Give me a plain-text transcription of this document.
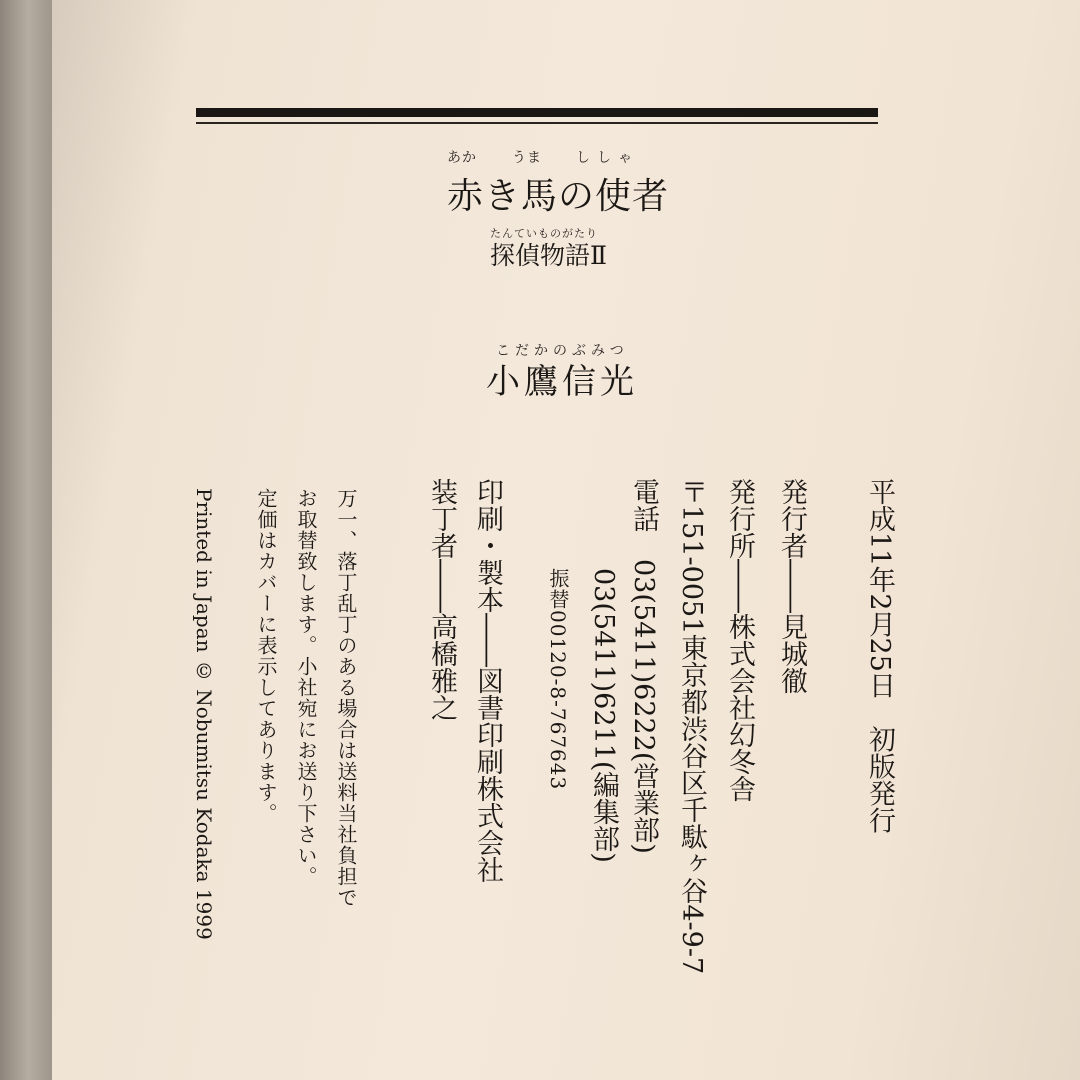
あか	うま ししゃ
赤き馬の使者
たんていものがたり
探偵物語Ⅱ
こだかのぶみつ
小鷹信光
平成11年2月25日　初版発行
発行者――見城徹
発行所――株式会社幻冬舎
〒151-0051東京都渋谷区千駄ヶ谷4-9-7
電話　03(5411)6222(営業部)
03(5411)6211(編集部)
振替00120-8-767643
印刷・製本――図書印刷株式会社
装丁者――高橋雅之
万一、落丁乱丁のある場合は送料当社負担で
お取替致します。小社宛にお送り下さい。
定価はカバーに表示してあります。
Printed in Japan © Nobumitsu Kodaka 1999
